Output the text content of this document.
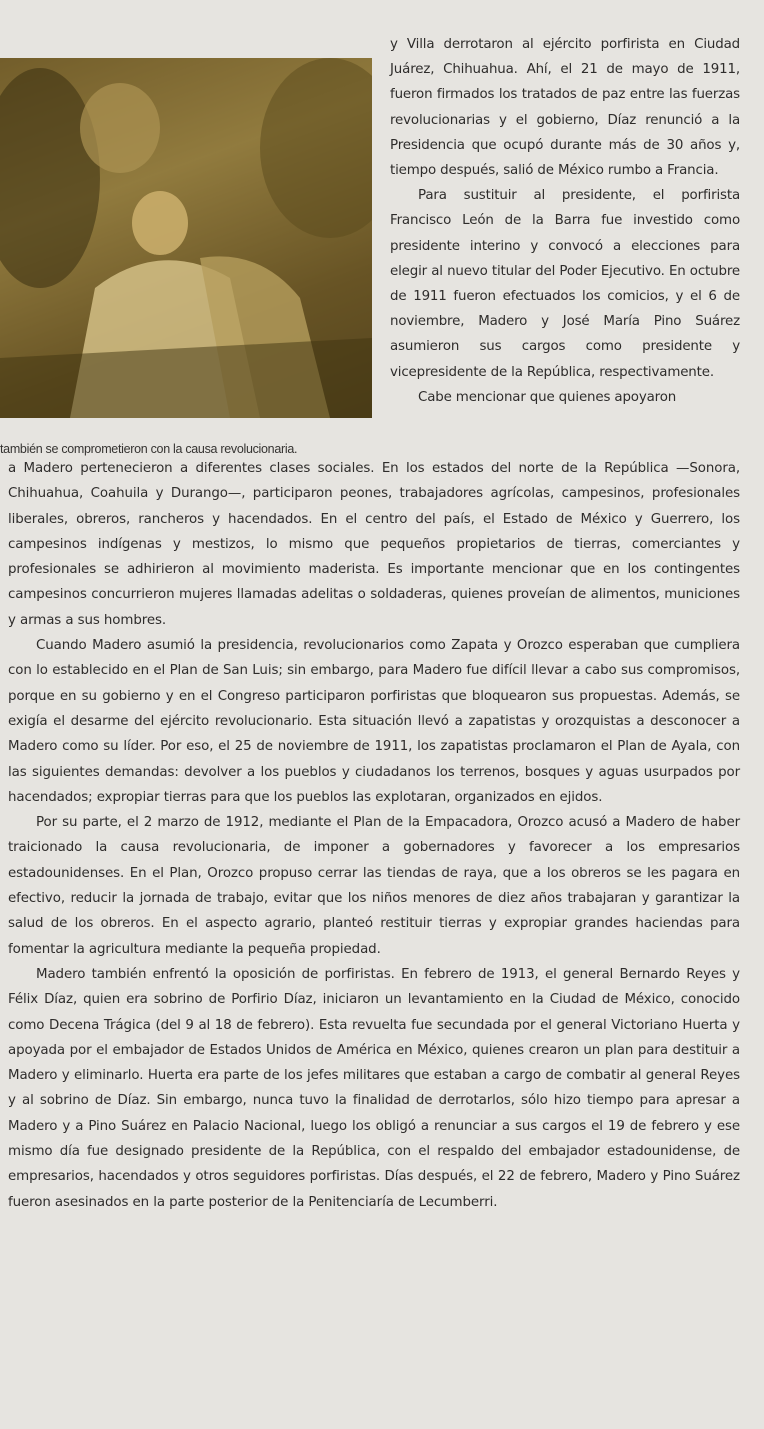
también se comprometieron con la causa revolucionaria.

y Villa derrotaron al ejército porfirista en Ciudad Juárez, Chihuahua. Ahí, el 21 de mayo de 1911, fueron firmados los tratados de paz entre las fuerzas revolucionarias y el gobierno, Díaz renunció a la Presidencia que ocupó durante más de 30 años y, tiempo después, salió de México rumbo a Francia.

Para sustituir al presidente, el porfirista Francisco León de la Barra fue investido como presidente interino y convocó a elecciones para elegir al nuevo titular del Poder Ejecutivo. En octubre de 1911 fueron efectuados los comicios, y el 6 de noviembre, Madero y José María Pino Suárez asumieron sus cargos como presidente y vicepresidente de la República, respectivamente.

Cabe mencionar que quienes apoyaron

a Madero pertenecieron a diferentes clases sociales. En los estados del norte de la República —Sonora, Chihuahua, Coahuila y Durango—, participaron peones, trabajadores agrícolas, campesinos, profesionales liberales, obreros, rancheros y hacendados. En el centro del país, el Estado de México y Guerrero, los campesinos indígenas y mestizos, lo mismo que pequeños propietarios de tierras, comerciantes y profesionales se adhirieron al movimiento maderista. Es importante mencionar que en los contingentes campesinos concurrieron mujeres llamadas adelitas o soldaderas, quienes proveían de alimentos, municiones y armas a sus hombres.

Cuando Madero asumió la presidencia, revolucionarios como Zapata y Orozco esperaban que cumpliera con lo establecido en el Plan de San Luis; sin embargo, para Madero fue difícil llevar a cabo sus compromisos, porque en su gobierno y en el Congreso participaron porfiristas que bloquearon sus propuestas. Además, se exigía el desarme del ejército revolucionario. Esta situación llevó a zapatistas y orozquistas a desconocer a Madero como su líder. Por eso, el 25 de noviembre de 1911, los zapatistas proclamaron el Plan de Ayala, con las siguientes demandas: devolver a los pueblos y ciudadanos los terrenos, bosques y aguas usurpados por hacendados; expropiar tierras para que los pueblos las explotaran, organizados en ejidos.

Por su parte, el 2 marzo de 1912, mediante el Plan de la Empacadora, Orozco acusó a Madero de haber traicionado la causa revolucionaria, de imponer a gobernadores y favorecer a los empresarios estadounidenses. En el Plan, Orozco propuso cerrar las tiendas de raya, que a los obreros se les pagara en efectivo, reducir la jornada de trabajo, evitar que los niños menores de diez años trabajaran y garantizar la salud de los obreros. En el aspecto agrario, planteó restituir tierras y expropiar grandes haciendas para fomentar la agricultura mediante la pequeña propiedad.

Madero también enfrentó la oposición de porfiristas. En febrero de 1913, el general Bernardo Reyes y Félix Díaz, quien era sobrino de Porfirio Díaz, iniciaron un levantamiento en la Ciudad de México, conocido como Decena Trágica (del 9 al 18 de febrero). Esta revuelta fue secundada por el general Victoriano Huerta y apoyada por el embajador de Estados Unidos de América en México, quienes crearon un plan para destituir a Madero y eliminarlo. Huerta era parte de los jefes militares que estaban a cargo de combatir al general Reyes y al sobrino de Díaz. Sin embargo, nunca tuvo la finalidad de derrotarlos, sólo hizo tiempo para apresar a Madero y a Pino Suárez en Palacio Nacional, luego los obligó a renunciar a sus cargos el 19 de febrero y ese mismo día fue designado presidente de la República, con el respaldo del embajador estadounidense, de empresarios, hacendados y otros seguidores porfiristas. Días después, el 22 de febrero, Madero y Pino Suárez fueron asesinados en la parte posterior de la Penitenciaría de Lecumberri.
